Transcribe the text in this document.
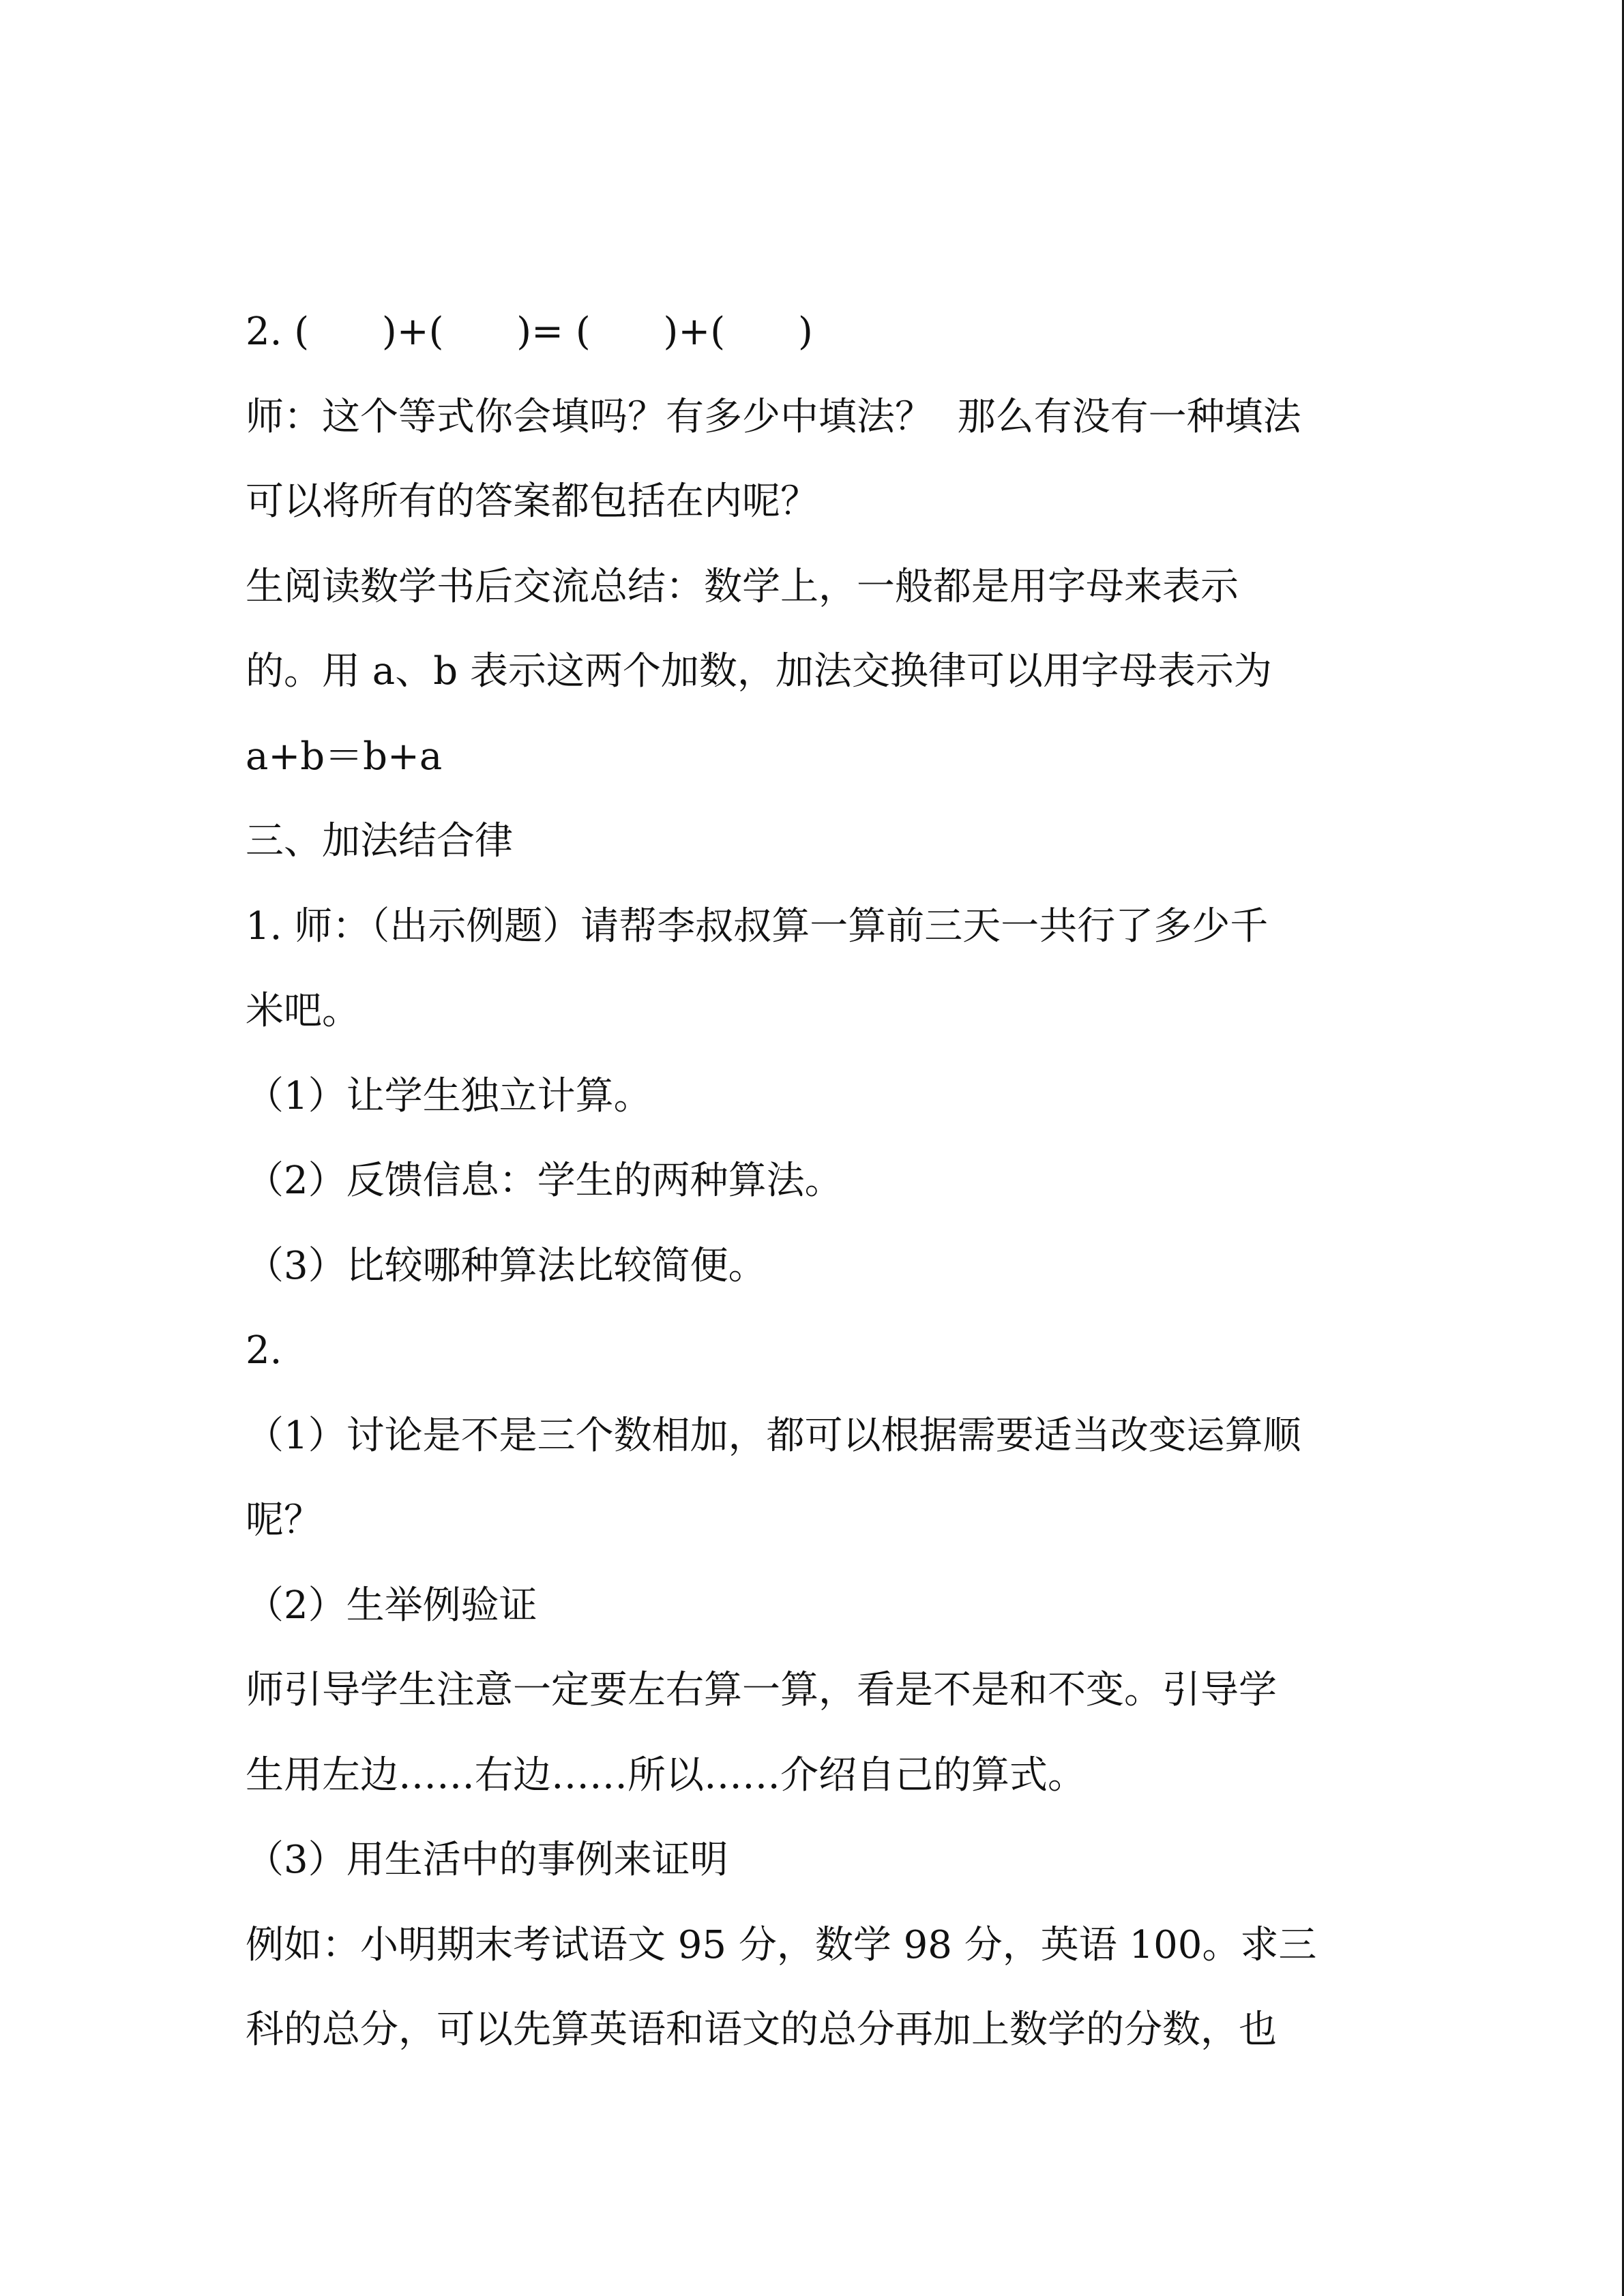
2. (      )+(      )= (      )+(      )
师：这个等式你会填吗？有多少中填法？  那么有没有一种填法
可以将所有的答案都包括在内呢？
生阅读数学书后交流总结：数学上，一般都是用字母来表示
的。用 a、b 表示这两个加数，加法交换律可以用字母表示为
a+b＝b+a
三、加法结合律
1. 师：（出示例题）请帮李叔叔算一算前三天一共行了多少千
米吧。
（1）让学生独立计算。
（2）反馈信息：学生的两种算法。
（3）比较哪种算法比较简便。
2.
（1）讨论是不是三个数相加，都可以根据需要适当改变运算顺
呢？
（2）生举例验证
师引导学生注意一定要左右算一算，看是不是和不变。引导学
生用左边……右边……所以……介绍自己的算式。
（3）用生活中的事例来证明
例如：小明期末考试语文 95 分，数学 98 分，英语 100。求三
科的总分，可以先算英语和语文的总分再加上数学的分数，也
